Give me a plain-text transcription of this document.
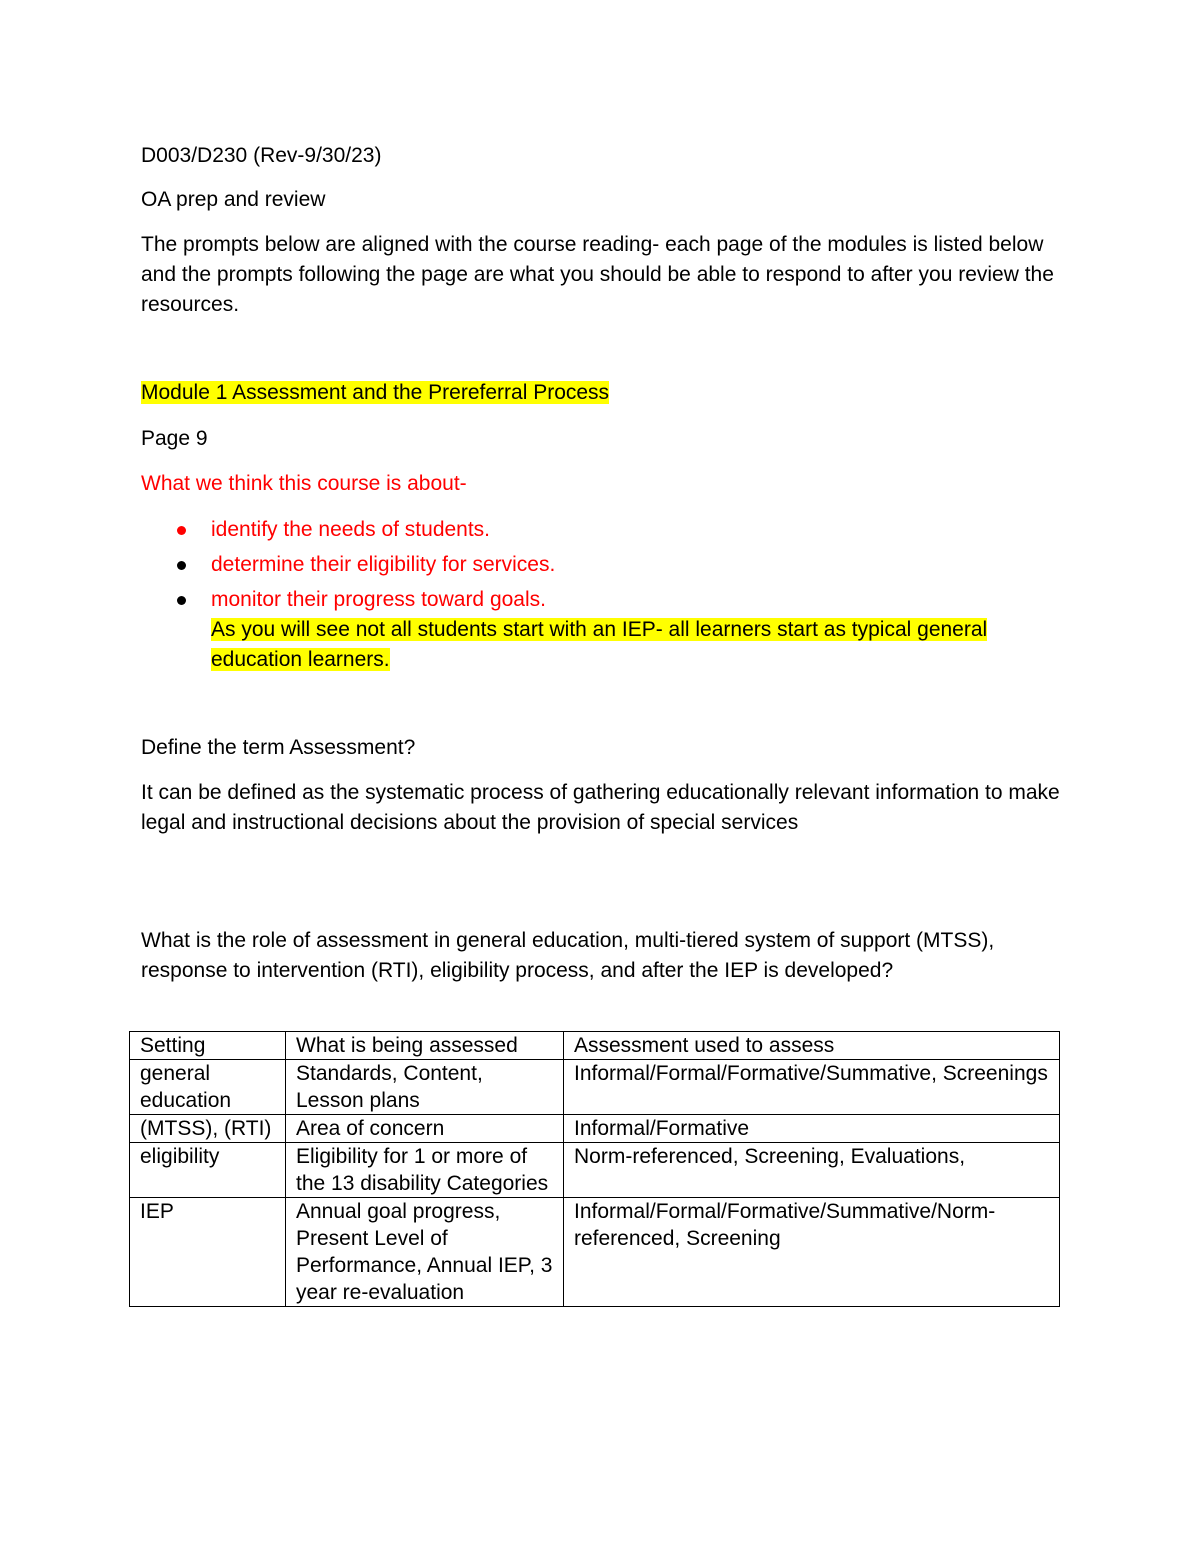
D003/D230 (Rev-9/30/23)

OA prep and review

The prompts below are aligned with the course reading- each page of the modules is listed below and the prompts following the page are what you should be able to respond to after you review the resources.

Module 1 Assessment and the Prereferral Process

Page 9

What we think this course is about-

identify the needs of students.
determine their eligibility for services.
monitor their progress toward goals.
As you will see not all students start with an IEP- all learners start as typical general education learners.

Define the term Assessment?

It can be defined as the systematic process of gathering educationally relevant information to make legal and instructional decisions about the provision of special services

What is the role of assessment in general education, multi-tiered system of support (MTSS), response to intervention (RTI), eligibility process, and after the IEP is developed?

Setting	What is being assessed	Assessment used to assess
general education	Standards, Content, Lesson plans	Informal/Formal/Formative/Summative, Screenings
(MTSS), (RTI)	Area of concern	Informal/Formative
eligibility	Eligibility for 1 or more of the 13 disability Categories	Norm-referenced, Screening, Evaluations,
IEP	Annual goal progress, Present Level of Performance, Annual IEP, 3 year re-evaluation	Informal/Formal/Formative/Summative/Norm-referenced, Screening
